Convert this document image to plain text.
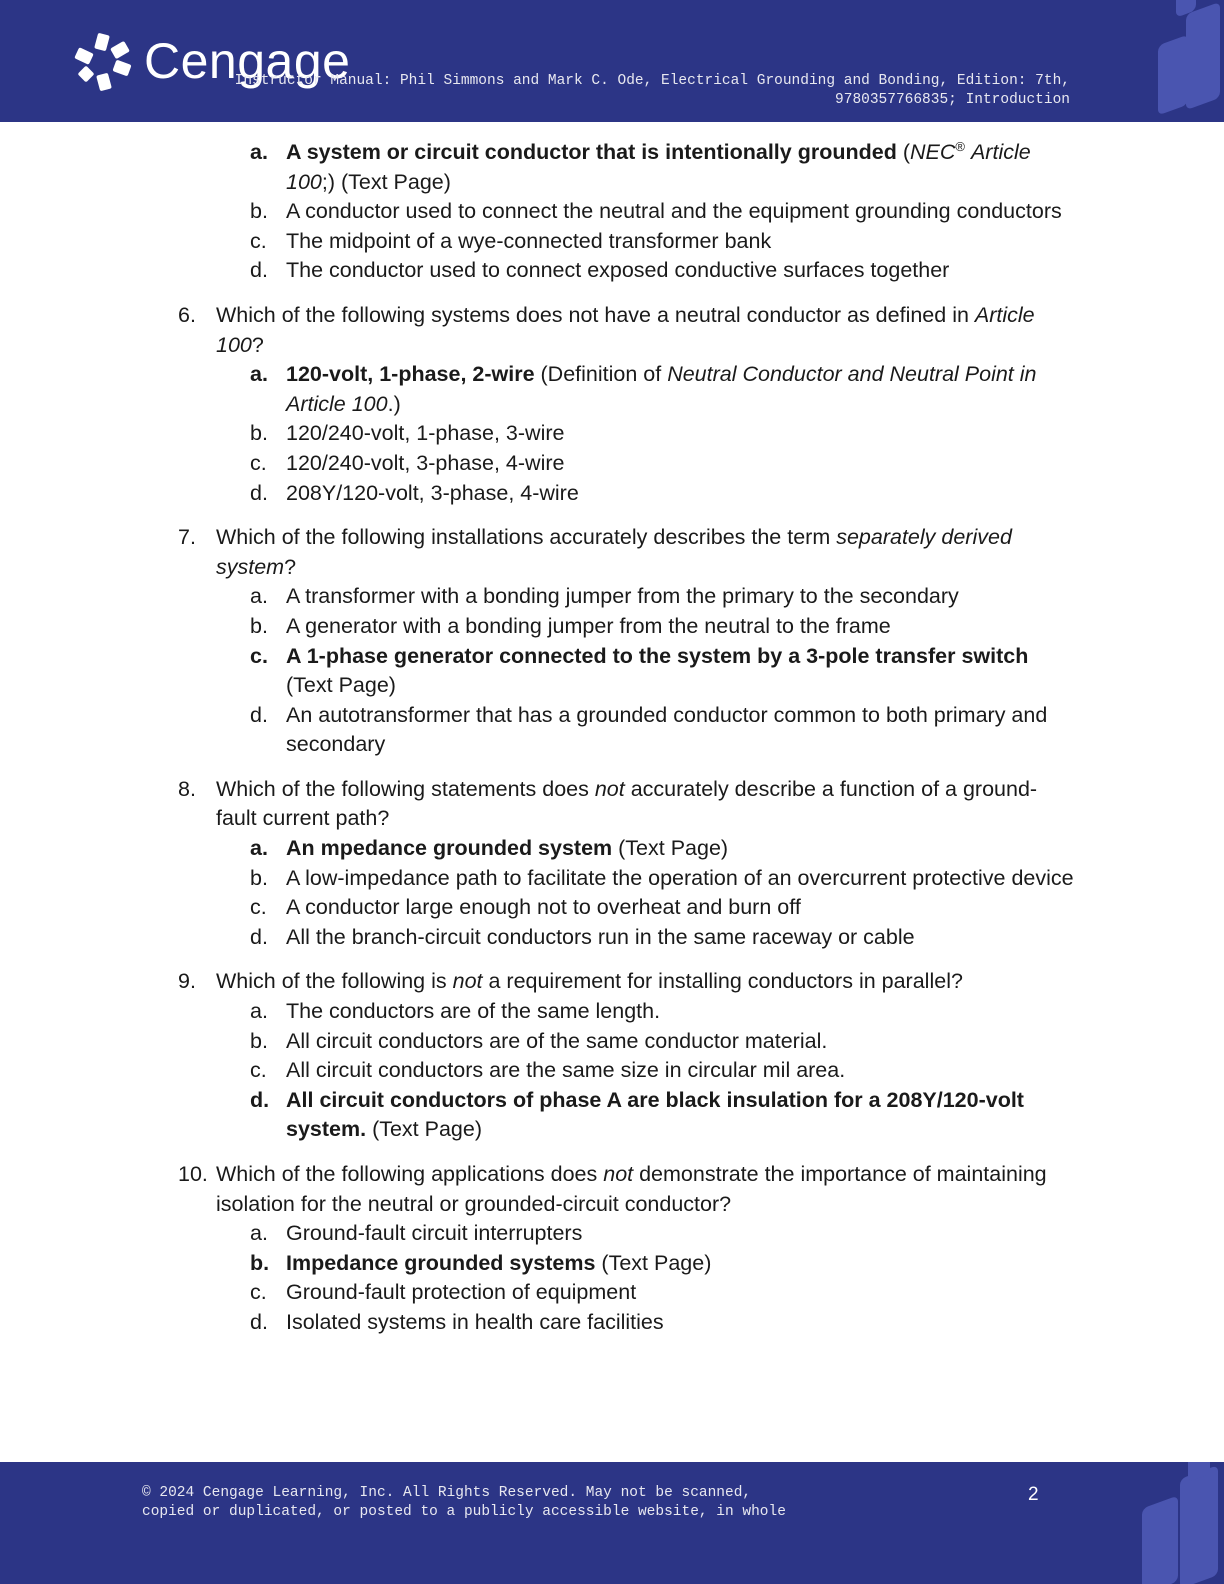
Cengage
Instructor Manual: Phil Simmons and Mark C. Ode, Electrical Grounding and Bonding, Edition: 7th,
9780357766835; Introduction
a. A system or circuit conductor that is intentionally grounded (NEC® Article 100;) (Text Page)
b. A conductor used to connect the neutral and the equipment grounding conductors
c. The midpoint of a wye-connected transformer bank
d. The conductor used to connect exposed conductive surfaces together
6. Which of the following systems does not have a neutral conductor as defined in Article 100?
a. 120-volt, 1-phase, 2-wire (Definition of Neutral Conductor and Neutral Point in Article 100.)
b. 120/240-volt, 1-phase, 3-wire
c. 120/240-volt, 3-phase, 4-wire
d. 208Y/120-volt, 3-phase, 4-wire
7. Which of the following installations accurately describes the term separately derived system?
a. A transformer with a bonding jumper from the primary to the secondary
b. A generator with a bonding jumper from the neutral to the frame
c. A 1-phase generator connected to the system by a 3-pole transfer switch (Text Page)
d. An autotransformer that has a grounded conductor common to both primary and secondary
8. Which of the following statements does not accurately describe a function of a ground- fault current path?
a. An mpedance grounded system (Text Page)
b. A low-impedance path to facilitate the operation of an overcurrent protective device
c. A conductor large enough not to overheat and burn off
d. All the branch-circuit conductors run in the same raceway or cable
9. Which of the following is not a requirement for installing conductors in parallel?
a. The conductors are of the same length.
b. All circuit conductors are of the same conductor material.
c. All circuit conductors are the same size in circular mil area.
d. All circuit conductors of phase A are black insulation for a 208Y/120-volt system. (Text Page)
10. Which of the following applications does not demonstrate the importance of maintaining isolation for the neutral or grounded-circuit conductor?
a. Ground-fault circuit interrupters
b. Impedance grounded systems (Text Page)
c. Ground-fault protection of equipment
d. Isolated systems in health care facilities
© 2024 Cengage Learning, Inc. All Rights Reserved. May not be scanned,
copied or duplicated, or posted to a publicly accessible website, in whole
2
